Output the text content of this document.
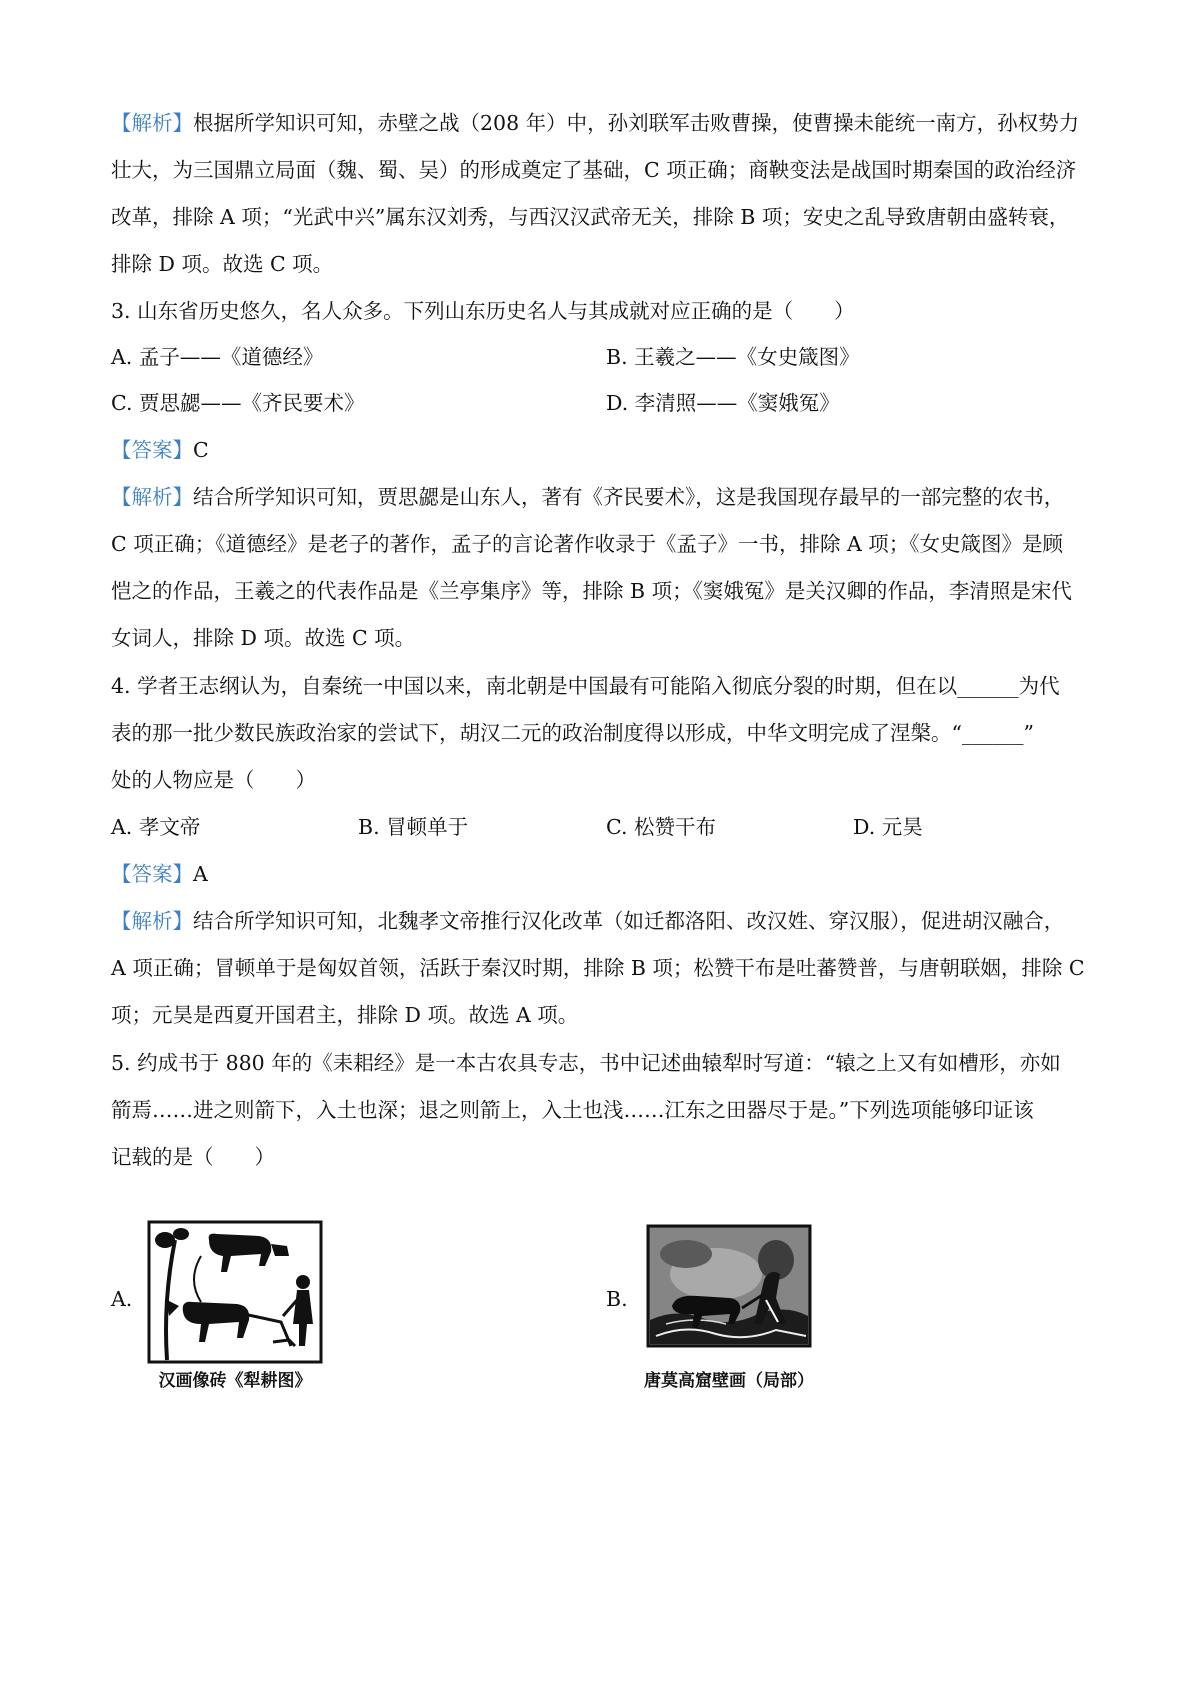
【解析】根据所学知识可知，赤壁之战（208 年）中，孙刘联军击败曹操，使曹操未能统一南方，孙权势力
壮大，为三国鼎立局面（魏、蜀、吴）的形成奠定了基础，C 项正确；商鞅变法是战国时期秦国的政治经济
改革，排除 A 项；“光武中兴”属东汉刘秀，与西汉汉武帝无关，排除 B 项；安史之乱导致唐朝由盛转衰，
排除 D 项。故选 C 项。
3. 山东省历史悠久，名人众多。下列山东历史名人与其成就对应正确的是（　　）
A. 孟子——《道德经》	B. 王羲之——《女史箴图》
C. 贾思勰——《齐民要术》	D. 李清照——《窦娥冤》
【答案】C
【解析】结合所学知识可知，贾思勰是山东人，著有《齐民要术》，这是我国现存最早的一部完整的农书，
C 项正确；《道德经》是老子的著作，孟子的言论著作收录于《孟子》一书，排除 A 项；《女史箴图》是顾
恺之的作品，王羲之的代表作品是《兰亭集序》等，排除 B 项；《窦娥冤》是关汉卿的作品，李清照是宋代
女词人，排除 D 项。故选 C 项。
4. 学者王志纲认为，自秦统一中国以来，南北朝是中国最有可能陷入彻底分裂的时期，但在以______为代
表的那一批少数民族政治家的尝试下，胡汉二元的政治制度得以形成，中华文明完成了涅槃。“______”
处的人物应是（　　）
A. 孝文帝	B. 冒顿单于	C. 松赞干布	D. 元昊
【答案】A
【解析】结合所学知识可知，北魏孝文帝推行汉化改革（如迁都洛阳、改汉姓、穿汉服），促进胡汉融合，
A 项正确；冒顿单于是匈奴首领，活跃于秦汉时期，排除 B 项；松赞干布是吐蕃赞普，与唐朝联姻，排除 C
项；元昊是西夏开国君主，排除 D 项。故选 A 项。
5. 约成书于 880 年的《耒耜经》是一本古农具专志，书中记述曲辕犁时写道：“辕之上又有如槽形，亦如
箭焉……进之则箭下，入土也深；退之则箭上，入土也浅……江东之田器尽于是。”下列选项能够印证该
记载的是（　　）
A.
汉画像砖《犁耕图》
B.
唐莫高窟壁画（局部）
